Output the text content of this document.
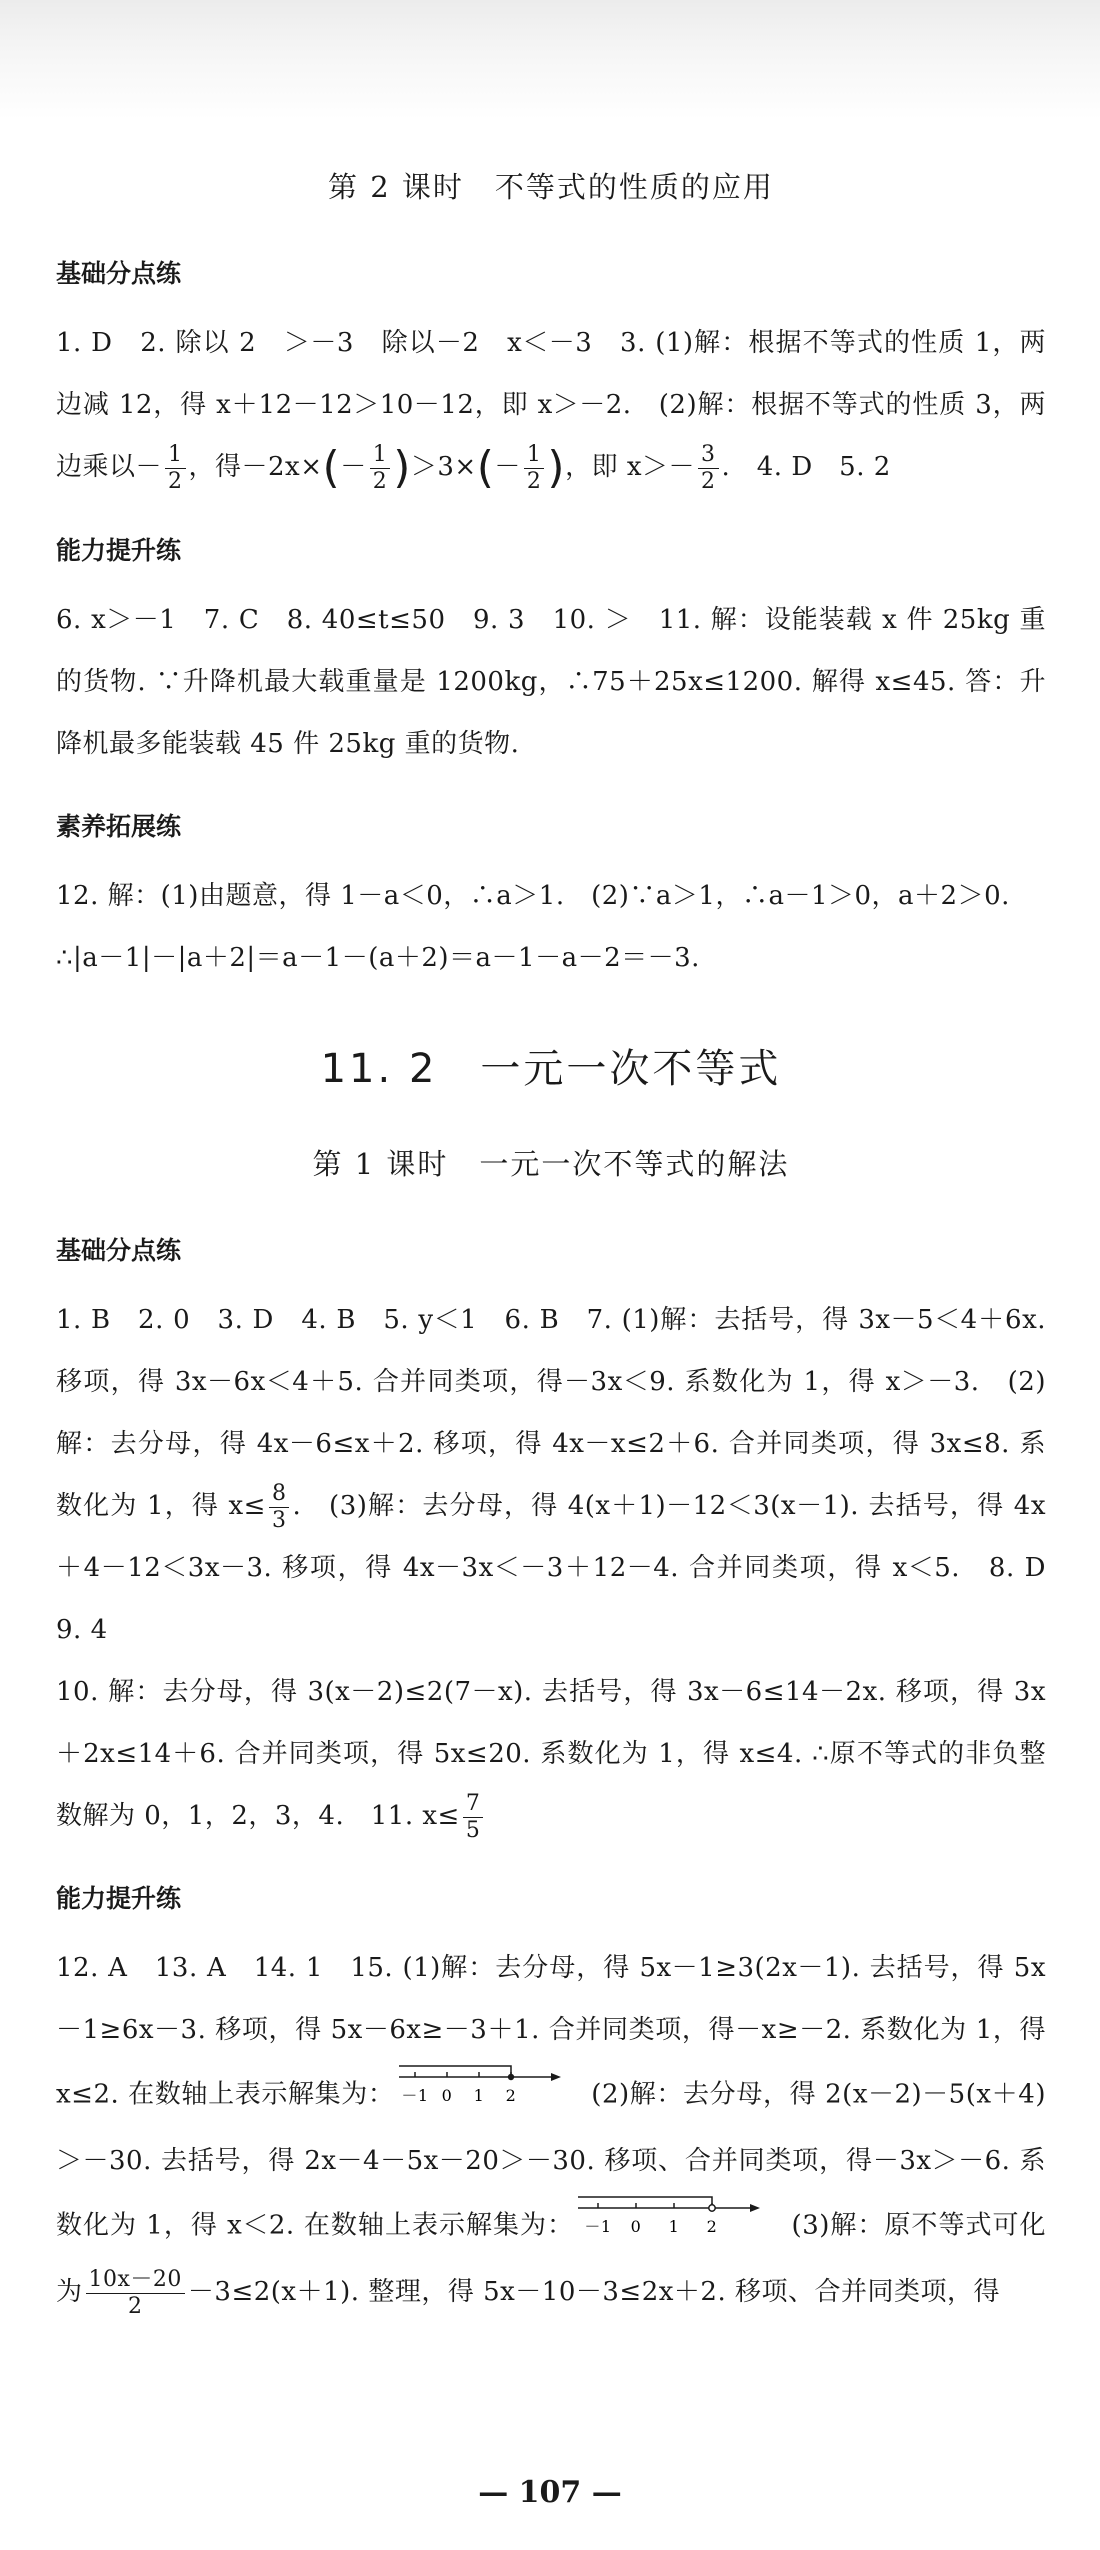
第 2 课时　不等式的性质的应用
基础分点练
1. D　2. 除以 2　＞－3　除以－2　x＜－3　3. (1)解：根据不等式的性质 1，两边减 12，得 x＋12－12＞10－12，即 x＞－2.　(2)解：根据不等式的性质 3，两边乘以－ $\frac{1}{2}$ ，得$-2x\times(- \frac{1}{2} )>3\times(- \frac{1}{2}$ )，即 $x>- \frac{3}{2}$ .　4. D　5. 2
能力提升练
6. x＞－1　7. C　8. 40≤t≤50　9. 3　10. ＞　11. 解：设能装载 x 件 25kg 重的货物. ∵升降机最大载重量是 1200kg，∴75＋25x≤1200. 解得 x≤45. 答：升降机最多能装载 45 件 25kg 重的货物.
素养拓展练
12. 解：(1)由题意，得 1－a＜0，∴a＞1.　(2)∵a＞1，∴a－1＞0，a＋2＞0.
∴|a－1|－|a＋2|＝a－1－(a＋2)＝a－1－a－2＝－3.
11. 2　一元一次不等式
第 1 课时　一元一次不等式的解法
基础分点练
1. B　2. 0　3. D　4. B　5. y＜1　6. B　7. (1)解：去括号，得 3x－5＜4＋6x. 移项，得 3x－6x＜4＋5. 合并同类项，得－3x＜9. 系数化为 1，得 x＞－3.　(2)解：去分母，得 4x－6≤x＋2. 移项，得 4x－x≤2＋6. 合并同类项，得 3x≤8. 系数化为 1，得 $x\le \frac{8}{3}$ .　(3)解：去分母，得 4(x＋1)－12＜3(x－1). 去括号，得 4x＋4－12＜3x－3. 移项，得 4x－3x＜－3＋12－4. 合并同类项，得 x＜5.　8. D　9. 4
10. 解：去分母，得 3(x－2)≤2(7－x). 去括号，得 3x－6≤14－2x. 移项，得 3x＋2x≤14＋6. 合并同类项，得 5x≤20. 系数化为 1，得 x≤4. ∴原不等式的非负整数解为 0，1，2，3，4.　11. $x\le \frac{7}{5}$
能力提升练
12. A　13. A　14. 1　15. (1)解：去分母，得 5x－1≥3(2x－1). 去括号，得 5x－1≥6x－3. 移项，得 5x－6x≥－3＋1. 合并同类项，得－x≥－2. 系数化为 1，得 x≤2. 在数轴上表示解集为： －1 0 1 2 　(2)解：去分母，得 2(x－2)－5(x＋4)＞－30. 去括号，得 2x－4－5x－20＞－30. 移项、合并同类项，得－3x＞－6. 系数化为 1，得 x＜2. 在数轴上表示解集为： －1 0 1 2 　(3)解：原不等式可化为 $\frac{10x-20}{2} -3\le 2(x+1)$. 整理，得 5x－10－3≤2x＋2. 移项、合并同类项，得
— 107 —
